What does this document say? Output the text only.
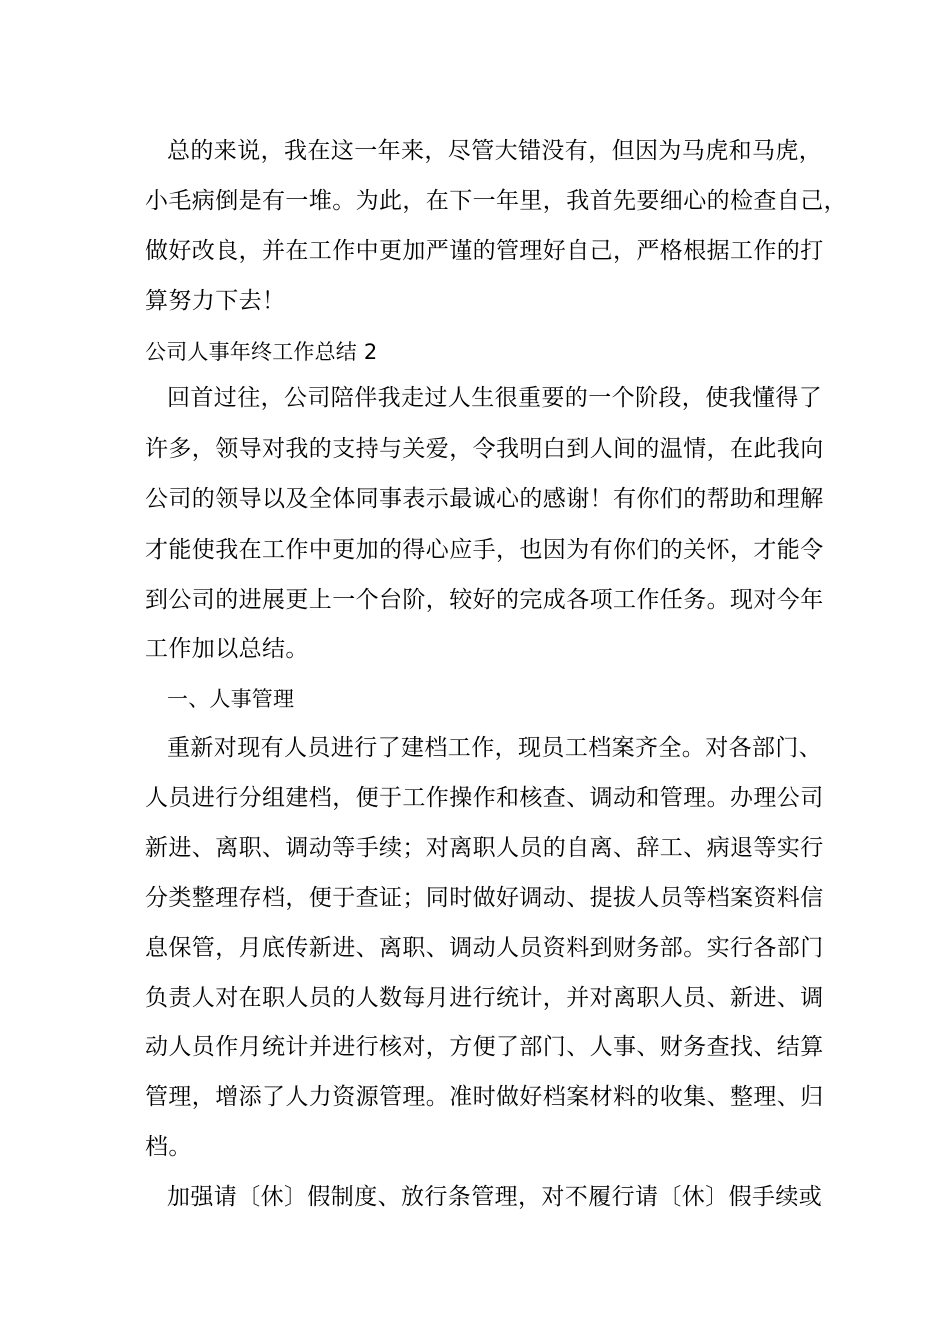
总的来说，我在这一年来，尽管大错没有，但因为马虎和马虎，
小毛病倒是有一堆。为此，在下一年里，我首先要细心的检查自己，
做好改良，并在工作中更加严谨的管理好自己，严格根据工作的打
算努力下去！
公司人事年终工作总结 2
回首过往，公司陪伴我走过人生很重要的一个阶段，使我懂得了
许多，领导对我的支持与关爱，令我明白到人间的温情，在此我向
公司的领导以及全体同事表示最诚心的感谢！有你们的帮助和理解
才能使我在工作中更加的得心应手，也因为有你们的关怀，才能令
到公司的进展更上一个台阶，较好的完成各项工作任务。现对今年
工作加以总结。
一、人事管理
重新对现有人员进行了建档工作，现员工档案齐全。对各部门、
人员进行分组建档，便于工作操作和核查、调动和管理。办理公司
新进、离职、调动等手续；对离职人员的自离、辞工、病退等实行
分类整理存档，便于查证；同时做好调动、提拔人员等档案资料信
息保管，月底传新进、离职、调动人员资料到财务部。实行各部门
负责人对在职人员的人数每月进行统计，并对离职人员、新进、调
动人员作月统计并进行核对，方便了部门、人事、财务查找、结算
管理，增添了人力资源管理。准时做好档案材料的收集、整理、归
档。
加强请〔休〕假制度、放行条管理，对不履行请〔休〕假手续或
